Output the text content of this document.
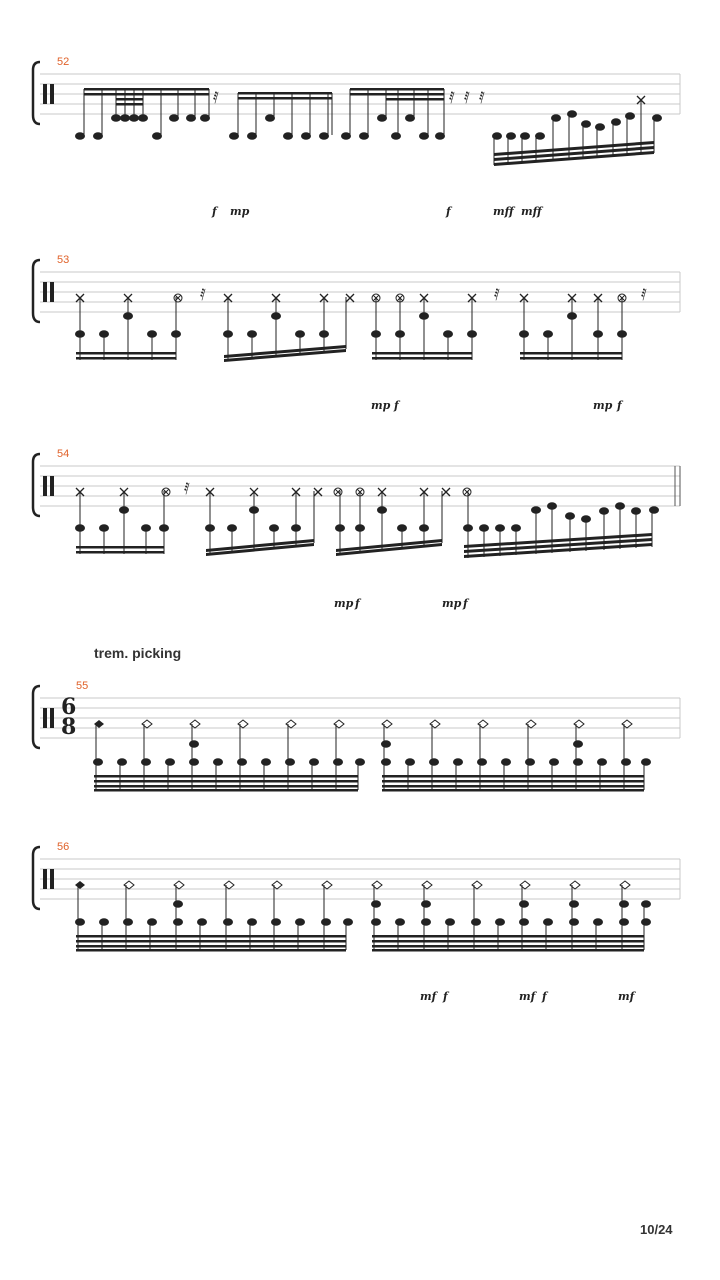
52
𝅀	𝅀 𝅀 𝅀
f mp	f	mff mff
53
𝅀	𝅀	𝅀
mp f	mp f
54
𝅀
mp f	mp f
trem. picking
55
6
8
56
mf f	mf f	mf
10/24
